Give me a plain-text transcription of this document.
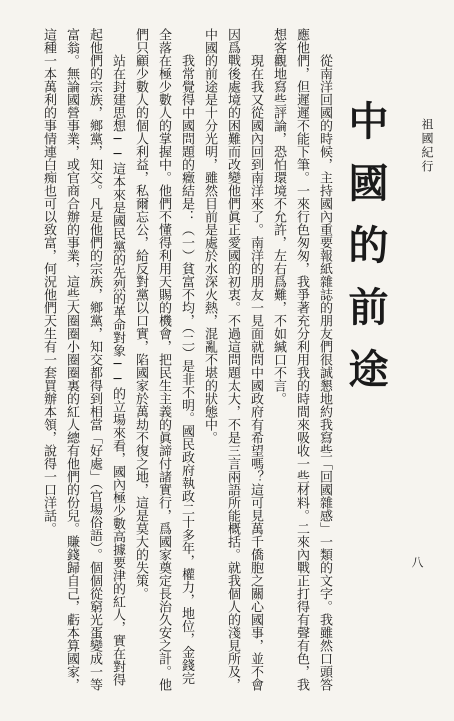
祖國紀行
中國的前途
八

從南洋回國的時候，主持國內重要報紙雜誌的朋友們很誠懇地約我寫些「回國雜感」一類的文字。我雖然口頭答應他們，但遲遲不能下筆。一來行色匆匆，我爭著充分利用我的時間來吸收一些材料。二來內戰正打得有聲有色，我想客觀地寫些評論，恐怕環境不允許，左右爲難，不如緘口不言。

現在我又從國內回到南洋來了。南洋的朋友一見面就問中國政府有希望嗎？這可見萬千僑胞之關心國事，並不會因爲戰後處境的困難而改變他們眞正愛國的初衷。不過這問題太大，不是三言兩語所能概括。就我個人的淺見所及，中國的前途是十分光明，雖然目前是處於水深火熱，混亂不堪的狀態中。

我常覺得中國問題的癥結是：（一）貧富不均，（二）是非不明。國民政府執政二十多年，權力，地位，金錢完全落在極少數人的掌握中。他們不懂得利用天賜的機會，把民生主義的眞諦付諸實行，爲國家奠定長治久安之計。他們只顧少數人的個人利益，私爾忘公，給反對黨以口實，陷國家於萬劫不復之地，這是莫大的失策。

站在封建思想──這本來是國民黨的先烈的革命對象──的立場來看，國內極少數高據要津的紅人，實在對得起他們的宗族，鄉黨，知交。凡是他們的宗族，鄉黨，知交都得到相當「好處」（官場俗語）。個個從窮光蛋變成一等富翁。無論國營事業，或官商合辦的事業，這些大圈圈小圈圈裏的紅人總有他們的份兒。賺錢歸自己，虧本算國家，這種一本萬利的事情連白痴也可以致富，何況他們天生有一套買辦本領，說得一口洋話。
